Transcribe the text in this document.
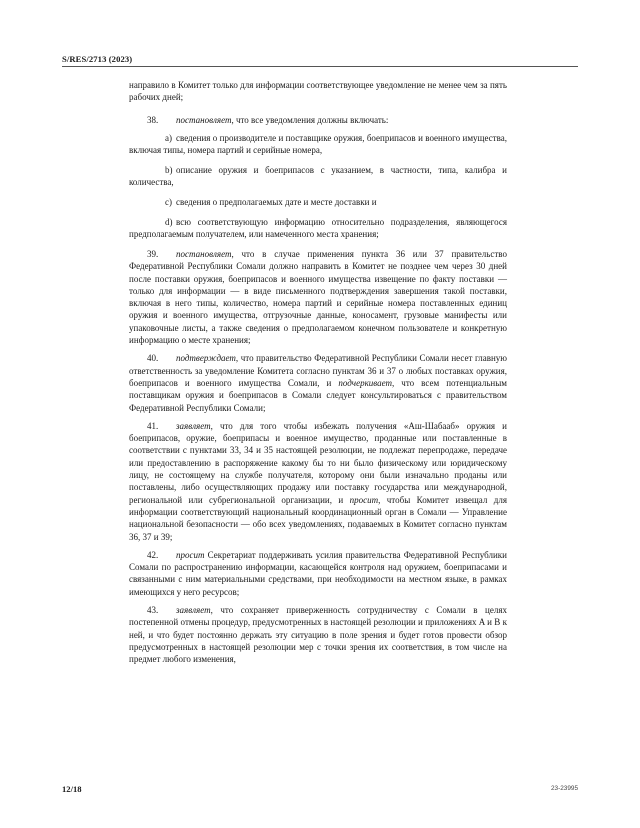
S/RES/2713 (2023)

направило в Комитет только для информации соответствующее уведомление не менее чем за пять рабочих дней;

38. постановляет, что все уведомления должны включать:

a) сведения о производителе и поставщике оружия, боеприпасов и военного имущества, включая типы, номера партий и серийные номера,

b) описание оружия и боеприпасов с указанием, в частности, типа, калибра и количества,

c) сведения о предполагаемых дате и месте доставки и

d) всю соответствующую информацию относительно подразделения, являющегося предполагаемым получателем, или намеченного места хранения;

39. постановляет, что в случае применения пункта 36 или 37 правительство Федеративной Республики Сомали должно направить в Комитет не позднее чем через 30 дней после поставки оружия, боеприпасов и военного имущества извещение по факту поставки — только для информации — в виде письменного подтверждения завершения такой поставки, включая в него типы, количество, номера партий и серийные номера поставленных единиц оружия и военного имущества, отгрузочные данные, коносамент, грузовые манифесты или упаковочные листы, а также сведения о предполагаемом конечном пользователе и конкретную информацию о месте хранения;

40. подтверждает, что правительство Федеративной Республики Сомали несет главную ответственность за уведомление Комитета согласно пунктам 36 и 37 о любых поставках оружия, боеприпасов и военного имущества Сомали, и подчеркивает, что всем потенциальным поставщикам оружия и боеприпасов в Сомали следует консультироваться с правительством Федеративной Республики Сомали;

41. заявляет, что для того чтобы избежать получения «Аш-Шабааб» оружия и боеприпасов, оружие, боеприпасы и военное имущество, проданные или поставленные в соответствии с пунктами 33, 34 и 35 настоящей резолюции, не подлежат перепродаже, передаче или предоставлению в распоряжение какому бы то ни было физическому или юридическому лицу, не состоящему на службе получателя, которому они были изначально проданы или поставлены, либо осуществляющих продажу или поставку государства или международной, региональной или субрегиональной организации, и просит, чтобы Комитет извещал для информации соответствующий национальный координационный орган в Сомали — Управление национальной безопасности — обо всех уведомлениях, подаваемых в Комитет согласно пунктам 36, 37 и 39;

42. просит Секретариат поддерживать усилия правительства Федеративной Республики Сомали по распространению информации, касающейся контроля над оружием, боеприпасами и связанными с ним материальными средствами, при необходимости на местном языке, в рамках имеющихся у него ресурсов;

43. заявляет, что сохраняет приверженность сотрудничеству с Сомали в целях постепенной отмены процедур, предусмотренных в настоящей резолюции и приложениях A и B к ней, и что будет постоянно держать эту ситуацию в поле зрения и будет готов провести обзор предусмотренных в настоящей резолюции мер с точки зрения их соответствия, в том числе на предмет любого изменения,

12/18	23-23995
